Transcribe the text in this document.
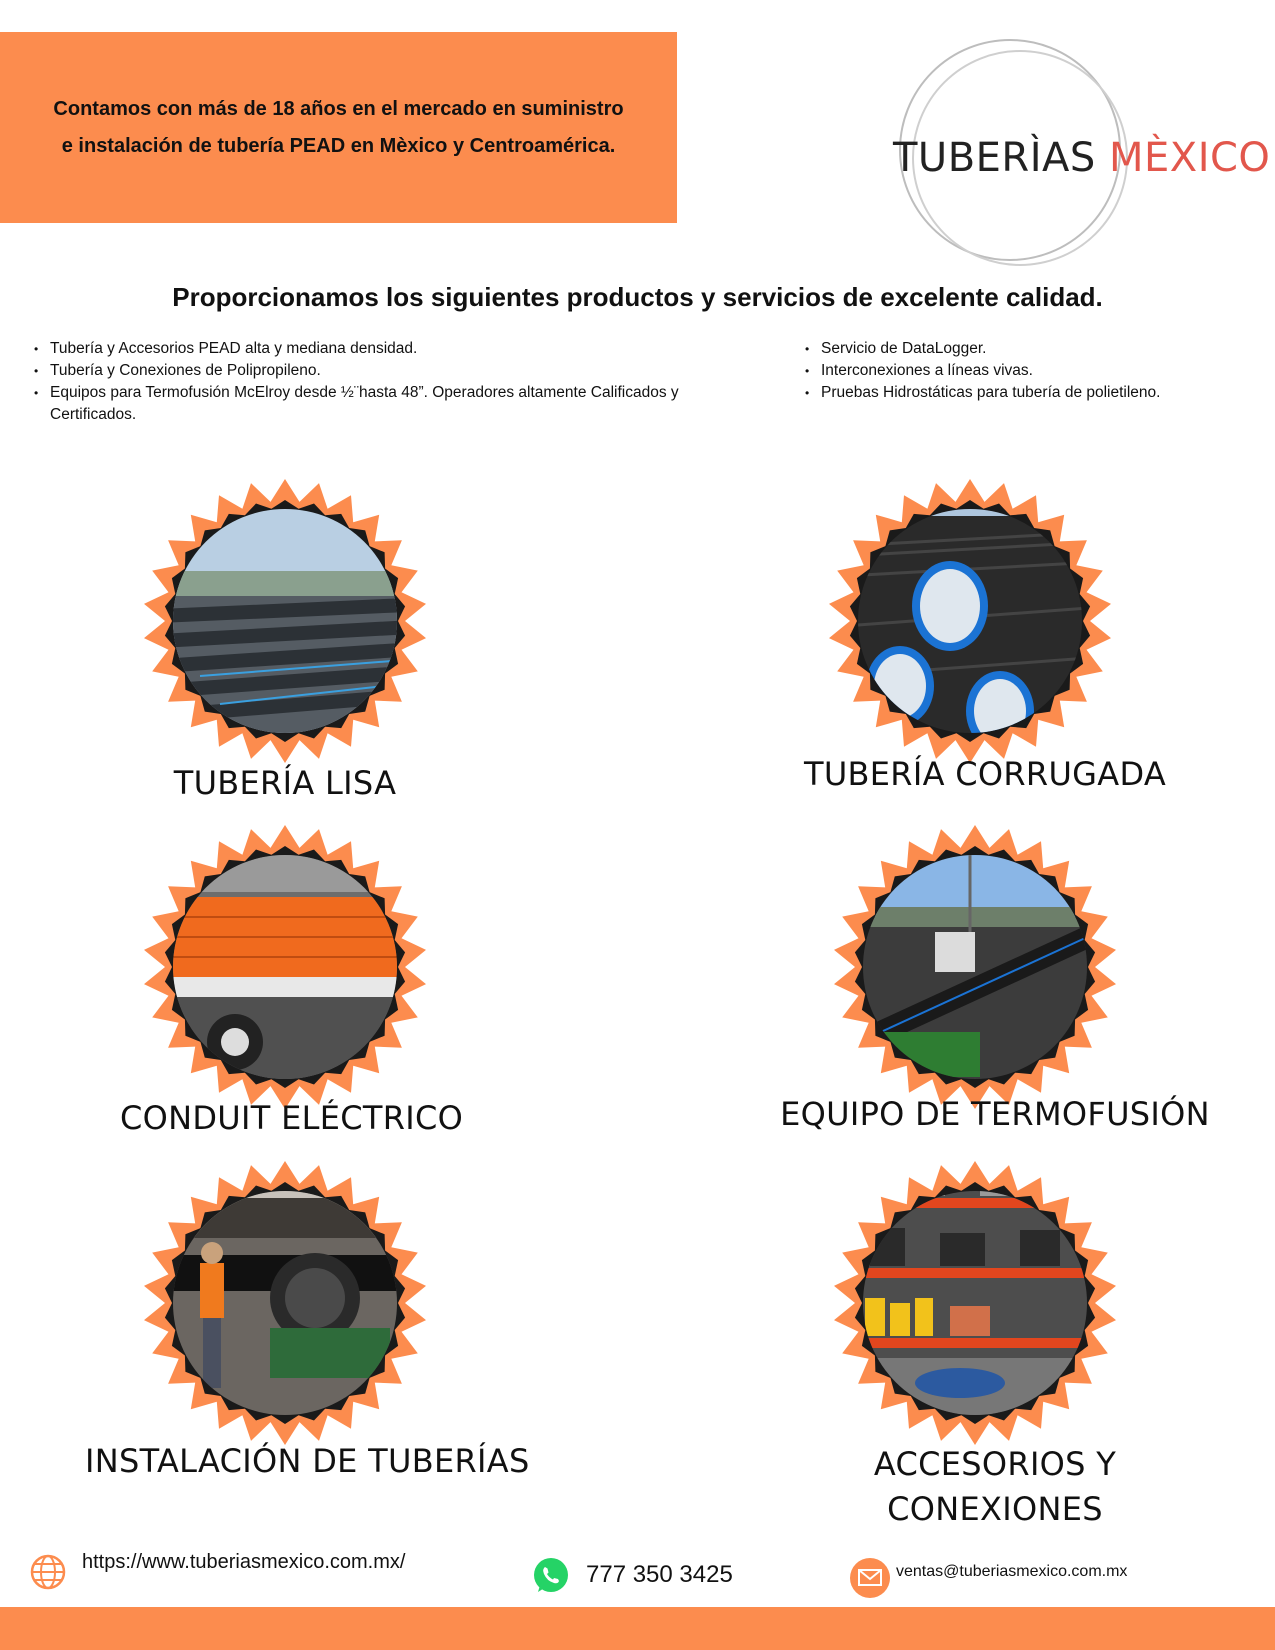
Contamos con más de 18 años en el mercado en suministro

e instalación de tubería PEAD en Mèxico y Centroamérica.	TUBERÌAS MÈXICO
Proporcionamos los siguientes productos y servicios de excelente calidad.
• Tubería y Accesorios PEAD alta y mediana densidad.
• Tubería y Conexiones de Polipropileno.
• Equipos para Termofusión McElroy desde ½¨hasta 48”. Operadores altamente Calificados y Certificados.
• Servicio de DataLogger.
• Interconexiones a líneas vivas.
• Pruebas Hidrostáticas para tubería de polietileno.
TUBERÍA LISA	TUBERÍA CORRUGADA
CONDUIT ELÉCTRICO	EQUIPO DE TERMOFUSIÓN
INSTALACIÓN DE TUBERÍAS	ACCESORIOS Y CONEXIONES
https://www.tuberiasmexico.com.mx/	777 350 3425	ventas@tuberiasmexico.com.mx
